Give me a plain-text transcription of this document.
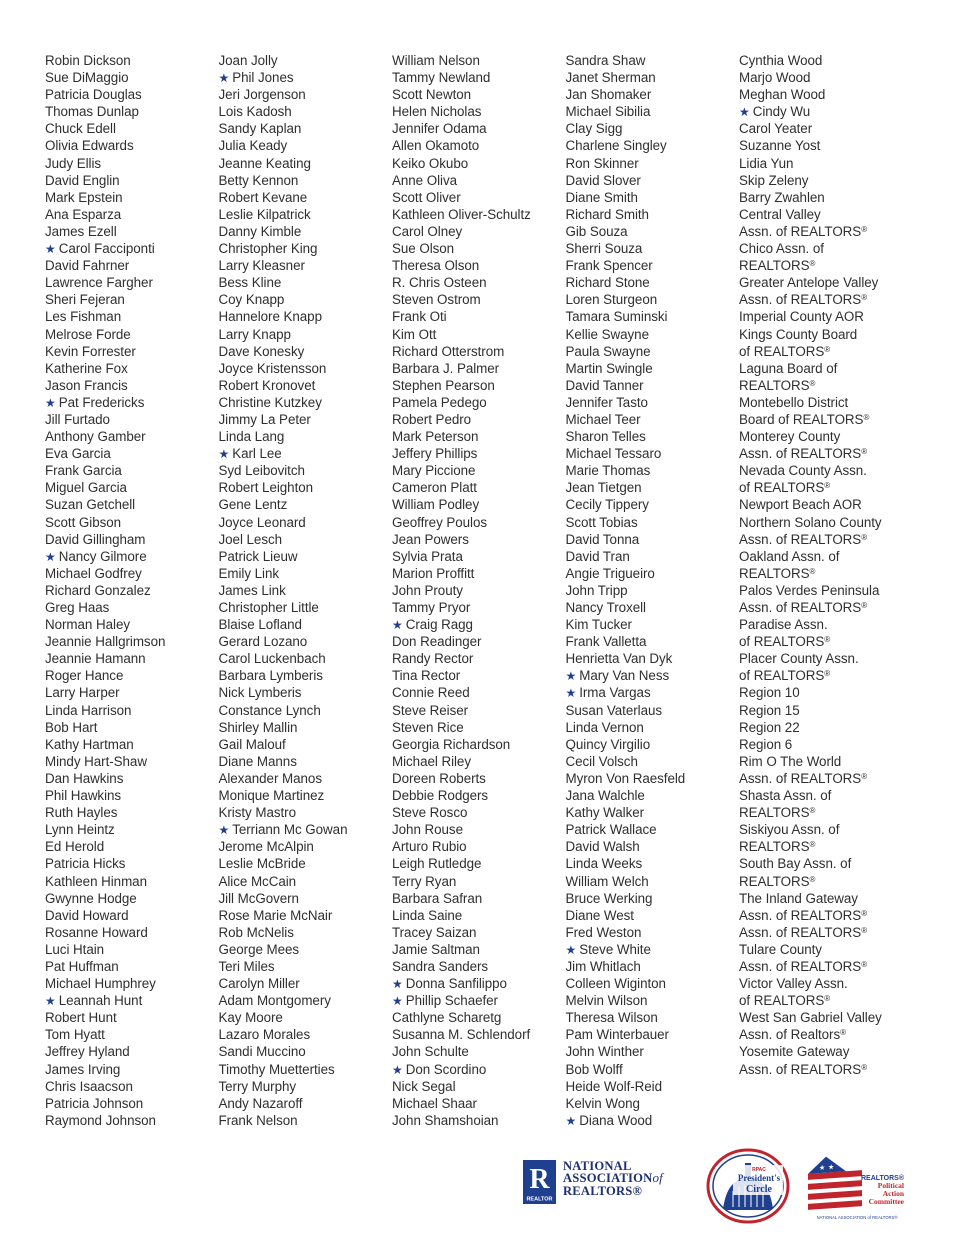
Robin Dickson
Sue DiMaggio
Patricia Douglas
Thomas Dunlap
Chuck Edell
Olivia Edwards
Judy Ellis
David Englin
Mark Epstein
Ana Esparza
James Ezell
★ Carol Facciponti
David Fahrner
Lawrence Fargher
Sheri Fejeran
Les Fishman
Melrose Forde
Kevin Forrester
Katherine Fox
Jason Francis
★ Pat Fredericks
Jill Furtado
Anthony Gamber
Eva Garcia
Frank Garcia
Miguel Garcia
Suzan Getchell
Scott Gibson
David Gillingham
★ Nancy Gilmore
Michael Godfrey
Richard Gonzalez
Greg Haas
Norman Haley
Jeannie Hallgrimson
Jeannie Hamann
Roger Hance
Larry Harper
Linda Harrison
Bob Hart
Kathy Hartman
Mindy Hart-Shaw
Dan Hawkins
Phil Hawkins
Ruth Hayles
Lynn Heintz
Ed Herold
Patricia Hicks
Kathleen Hinman
Gwynne Hodge
David Howard
Rosanne Howard
Luci Htain
Pat Huffman
Michael Humphrey
★ Leannah Hunt
Robert Hunt
Tom Hyatt
Jeffrey Hyland
James Irving
Chris Isaacson
Patricia Johnson
Raymond Johnson
Joan Jolly
★ Phil Jones
Jeri Jorgenson
Lois Kadosh
Sandy Kaplan
Julia Keady
Jeanne Keating
Betty Kennon
Robert Kevane
Leslie Kilpatrick
Danny Kimble
Christopher King
Larry Kleasner
Bess Kline
Coy Knapp
Hannelore Knapp
Larry Knapp
Dave Konesky
Joyce Kristensson
Robert Kronovet
Christine Kutzkey
Jimmy La Peter
Linda Lang
★ Karl Lee
Syd Leibovitch
Robert Leighton
Gene Lentz
Joyce Leonard
Joel Lesch
Patrick Lieuw
Emily Link
James Link
Christopher Little
Blaise Lofland
Gerard Lozano
Carol Luckenbach
Barbara Lymberis
Nick Lymberis
Constance Lynch
Shirley Mallin
Gail Malouf
Diane Manns
Alexander Manos
Monique Martinez
Kristy Mastro
★ Terriann Mc Gowan
Jerome McAlpin
Leslie McBride
Alice McCain
Jill McGovern
Rose Marie McNair
Rob McNelis
George Mees
Teri Miles
Carolyn Miller
Adam Montgomery
Kay Moore
Lazaro Morales
Sandi Muccino
Timothy Muetterties
Terry Murphy
Andy Nazaroff
Frank Nelson
William Nelson
Tammy Newland
Scott Newton
Helen Nicholas
Jennifer Odama
Allen Okamoto
Keiko Okubo
Anne Oliva
Scott Oliver
Kathleen Oliver-Schultz
Carol Olney
Sue Olson
Theresa Olson
R. Chris Osteen
Steven Ostrom
Frank Oti
Kim Ott
Richard Otterstrom
Barbara J. Palmer
Stephen Pearson
Pamela Pedego
Robert Pedro
Mark Peterson
Jeffery Phillips
Mary Piccione
Cameron Platt
William Podley
Geoffrey Poulos
Jean Powers
Sylvia Prata
Marion Proffitt
John Prouty
Tammy Pryor
★ Craig Ragg
Don Readinger
Randy Rector
Tina Rector
Connie Reed
Steve Reiser
Steven Rice
Georgia Richardson
Michael Riley
Doreen Roberts
Debbie Rodgers
Steve Rosco
John Rouse
Arturo Rubio
Leigh Rutledge
Terry Ryan
Barbara Safran
Linda Saine
Tracey Saizan
Jamie Saltman
Sandra Sanders
★ Donna Sanfilippo
★ Phillip Schaefer
Cathlyne Scharetg
Susanna M. Schlendorf
John Schulte
★ Don Scordino
Nick Segal
Michael Shaar
John Shamshoian
Sandra Shaw
Janet Sherman
Jan Shomaker
Michael Sibilia
Clay Sigg
Charlene Singley
Ron Skinner
David Slover
Diane Smith
Richard Smith
Gib Souza
Sherri Souza
Frank Spencer
Richard Stone
Loren Sturgeon
Tamara Suminski
Kellie Swayne
Paula Swayne
Martin Swingle
David Tanner
Jennifer Tasto
Michael Teer
Sharon Telles
Michael Tessaro
Marie Thomas
Jean Tietgen
Cecily Tippery
Scott Tobias
David Tonna
David Tran
Angie Trigueiro
John Tripp
Nancy Troxell
Kim Tucker
Frank Valletta
Henrietta Van Dyk
★ Mary Van Ness
★ Irma Vargas
Susan Vaterlaus
Linda Vernon
Quincy Virgilio
Cecil Volsch
Myron Von Raesfeld
Jana Walchle
Kathy Walker
Patrick Wallace
David Walsh
Linda Weeks
William Welch
Bruce Werking
Diane West
Fred Weston
★ Steve White
Jim Whitlach
Colleen Wiginton
Melvin Wilson
Theresa Wilson
Pam Winterbauer
John Winther
Bob Wolff
Heide Wolf-Reid
Kelvin Wong
★ Diana Wood
Cynthia Wood
Marjo Wood
Meghan Wood
★ Cindy Wu
Carol Yeater
Suzanne Yost
Lidia Yun
Skip Zeleny
Barry Zwahlen
Central Valley
Assn. of REALTORS®
Chico Assn. of
REALTORS®
Greater Antelope Valley
Assn. of REALTORS®
Imperial County AOR
Kings County Board
of REALTORS®
Laguna Board of
REALTORS®
Montebello District
Board of REALTORS®
Monterey County
Assn. of REALTORS®
Nevada County Assn.
of REALTORS®
Newport Beach AOR
Northern Solano County
Assn. of REALTORS®
Oakland Assn. of
REALTORS®
Palos Verdes Peninsula
Assn. of REALTORS®
Paradise Assn.
of REALTORS®
Placer County Assn.
of REALTORS®
Region 10
Region 15
Region 22
Region 6
Rim O The World
Assn. of REALTORS®
Shasta Assn. of
REALTORS®
Siskiyou Assn. of
REALTORS®
South Bay Assn. of
REALTORS®
The Inland Gateway
Assn. of REALTORS®
Assn. of REALTORS®
Tulare County
Assn. of REALTORS®
Victor Valley Assn.
of REALTORS®
West San Gabriel Valley
Assn. of Realtors®
Yosemite Gateway
Assn. of REALTORS®
R
REALTOR
NATIONAL
ASSOCIATIONof
REALTORS®
RPAC
President's
Circle
★ ★
REALTORS®
Political
Action
Committee
NATIONAL ASSOCIATION of REALTORS®
